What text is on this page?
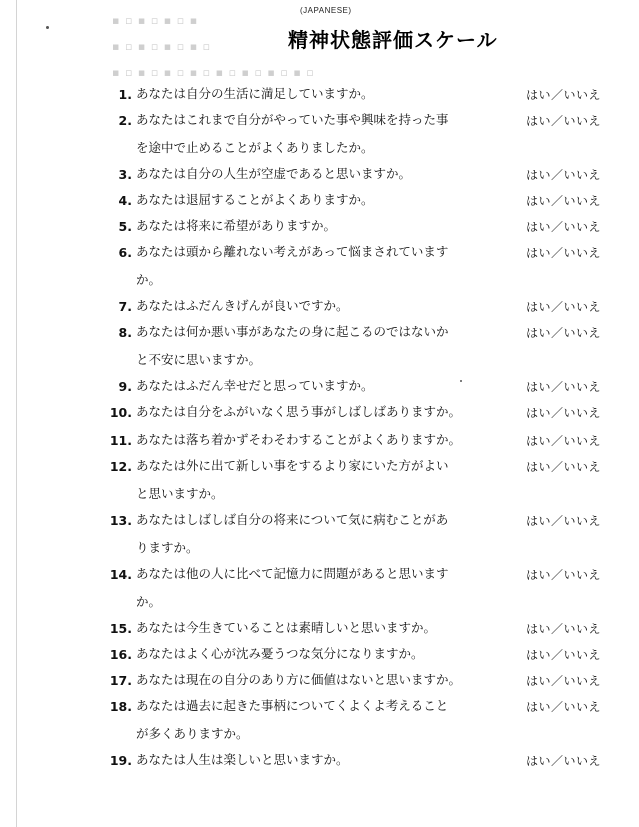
(JAPANESE)
精神状態評価スケール
▪ ▫ ▪ ▫ ▪ ▫ ▪
▪ ▫ ▪ ▫ ▪ ▫ ▪ ▫
▪ ▫ ▪ ▫ ▪ ▫ ▪ ▫ ▪ ▫ ▪ ▫ ▪ ▫ ▪ ▫
1. あなたは自分の生活に満足していますか。	はい／いいえ
2. あなたはこれまで自分がやっていた事や興味を持った事
を途中で止めることがよくありましたか。
はい／いいえ
3. あなたは自分の人生が空虚であると思いますか。	はい／いいえ
4. あなたは退屈することがよくありますか。	はい／いいえ
5. あなたは将来に希望がありますか。	はい／いいえ
6. あなたは頭から離れない考えがあって悩まされています
か。
はい／いいえ
7. あなたはふだんきげんが良いですか。	はい／いいえ
8. あなたは何か悪い事があなたの身に起こるのではないか
と不安に思いますか。
はい／いいえ
9. あなたはふだん幸せだと思っていますか。	はい／いいえ
10. あなたは自分をふがいなく思う事がしばしばありますか。	はい／いいえ
11. あなたは落ち着かずそわそわすることがよくありますか。	はい／いいえ
12. あなたは外に出て新しい事をするより家にいた方がよい
と思いますか。
はい／いいえ
13. あなたはしばしば自分の将来について気に病むことがあ
りますか。
はい／いいえ
14. あなたは他の人に比べて記憶力に問題があると思います
か。
はい／いいえ
15. あなたは今生きていることは素晴しいと思いますか。	はい／いいえ
16. あなたはよく心が沈み憂うつな気分になりますか。	はい／いいえ
17. あなたは現在の自分のあり方に価値はないと思いますか。	はい／いいえ
18. あなたは過去に起きた事柄についてくよくよ考えること
が多くありますか。
はい／いいえ
19. あなたは人生は楽しいと思いますか。	はい／いいえ
